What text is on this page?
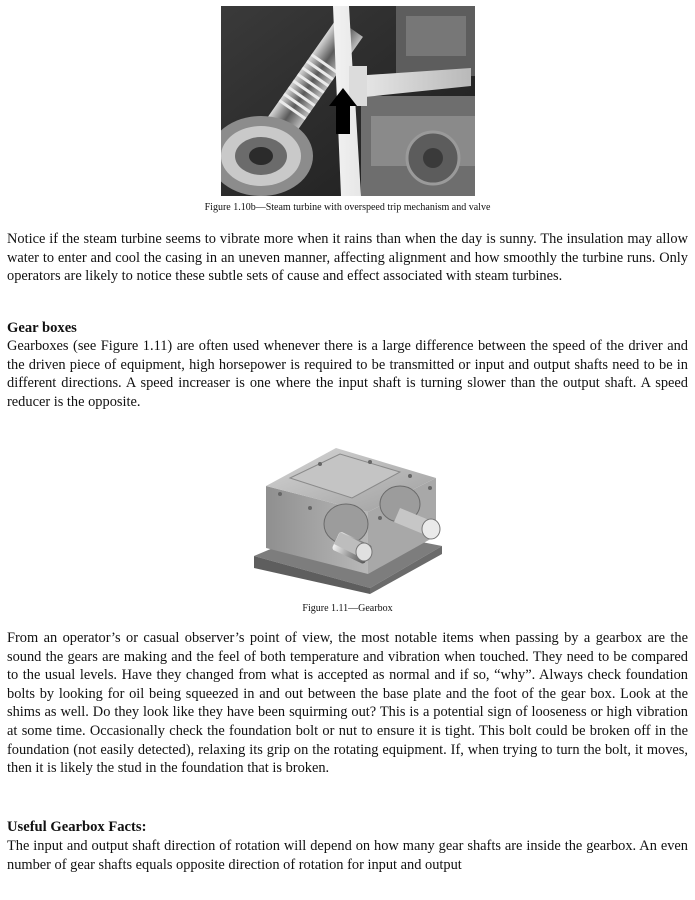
Figure 1.10b—Steam turbine with overspeed trip mechanism and valve

Notice if the steam turbine seems to vibrate more when it rains than when the day is sunny. The insulation may allow water to enter and cool the casing in an uneven manner, affecting alignment and how smoothly the turbine runs. Only operators are likely to notice these subtle sets of cause and effect associated with steam turbines.

Gear boxes

Gearboxes (see Figure 1.11) are often used whenever there is a large difference between the speed of the driver and the driven piece of equipment, high horsepower is required to be transmitted or input and output shafts need to be in different directions. A speed increaser is one where the input shaft is turning slower than the output shaft. A speed reducer is the opposite.

Figure 1.11—Gearbox

From an operator’s or casual observer’s point of view, the most notable items when passing by a gearbox are the sound the gears are making and the feel of both temperature and vibration when touched. They need to be compared to the usual levels. Have they changed from what is accepted as normal and if so, “why”. Always check foundation bolts by looking for oil being squeezed in and out between the base plate and the foot of the gear box. Look at the shims as well. Do they look like they have been squirming out? This is a potential sign of looseness or high vibration at some time. Occasionally check the foundation bolt or nut to ensure it is tight. This bolt could be broken off in the foundation (not easily detected), relaxing its grip on the rotating equipment. If, when trying to turn the bolt, it moves, then it is likely the stud in the foundation that is broken.

Useful Gearbox Facts:

The input and output shaft direction of rotation will depend on how many gear shafts are inside the gearbox. An even number of gear shafts equals opposite direction of rotation for input and output
